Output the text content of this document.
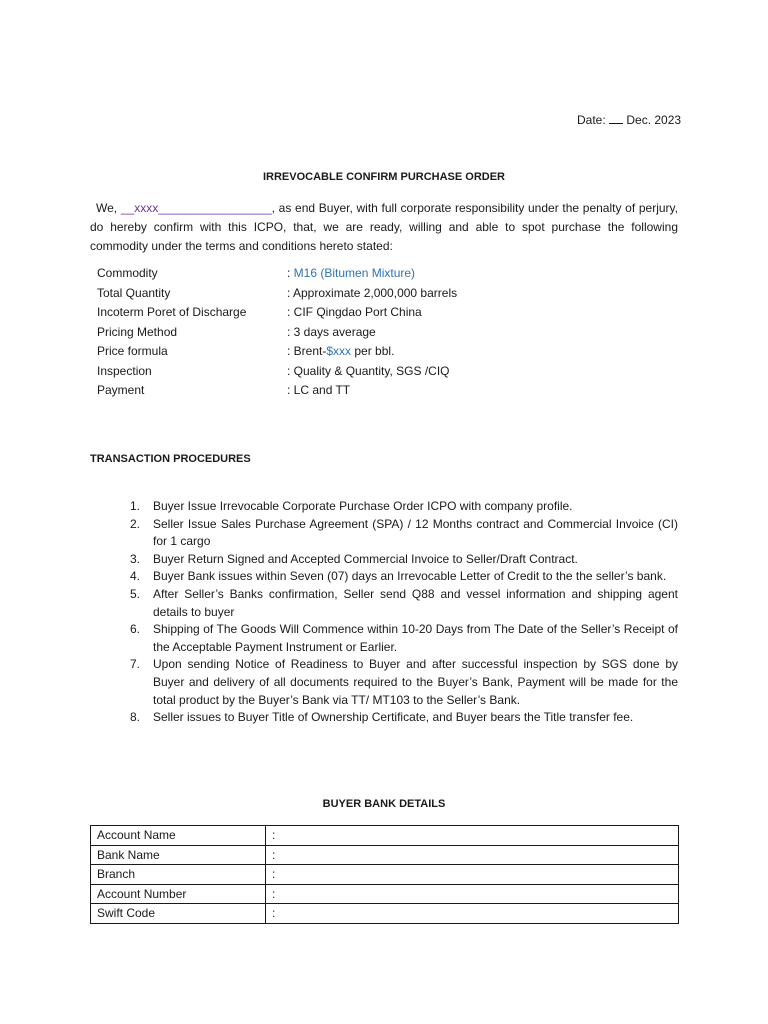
Date: Dec. 2023
IRREVOCABLE CONFIRM PURCHASE ORDER
We, __xxxx_________________, as end Buyer, with full corporate responsibility under the penalty of perjury, do hereby confirm with this ICPO, that, we are ready, willing and able to spot purchase the following commodity under the terms and conditions hereto stated:
Commodity	: M16 (Bitumen Mixture)
Total Quantity	: Approximate 2,000,000 barrels
Incoterm Poret of Discharge	: CIF Qingdao Port China
Pricing Method	: 3 days average
Price formula	: Brent-$xxx per bbl.
Inspection	: Quality & Quantity, SGS /CIQ
Payment	: LC and TT
TRANSACTION PROCEDURES
1.	Buyer Issue Irrevocable Corporate Purchase Order ICPO with company profile.
2.	Seller Issue Sales Purchase Agreement (SPA) / 12 Months contract and Commercial Invoice (CI) for 1 cargo
3.	Buyer Return Signed and Accepted Commercial Invoice to Seller/Draft Contract.
4.	Buyer Bank issues within Seven (07) days an Irrevocable Letter of Credit to the the seller’s bank.
5.	After Seller’s Banks confirmation, Seller send Q88 and vessel information and shipping agent details to buyer
6.	Shipping of The Goods Will Commence within 10-20 Days from The Date of the Seller’s Receipt of the Acceptable Payment Instrument or Earlier.
7.	Upon sending Notice of Readiness to Buyer and after successful inspection by SGS done by Buyer and delivery of all documents required to the Buyer’s Bank, Payment will be made for the total product by the Buyer’s Bank via TT/ MT103 to the Seller’s Bank.
8.	Seller issues to Buyer Title of Ownership Certificate, and Buyer bears the Title transfer fee.
BUYER BANK DETAILS
Account Name	:
Bank Name	:
Branch	:
Account Number	:
Swift Code	:
